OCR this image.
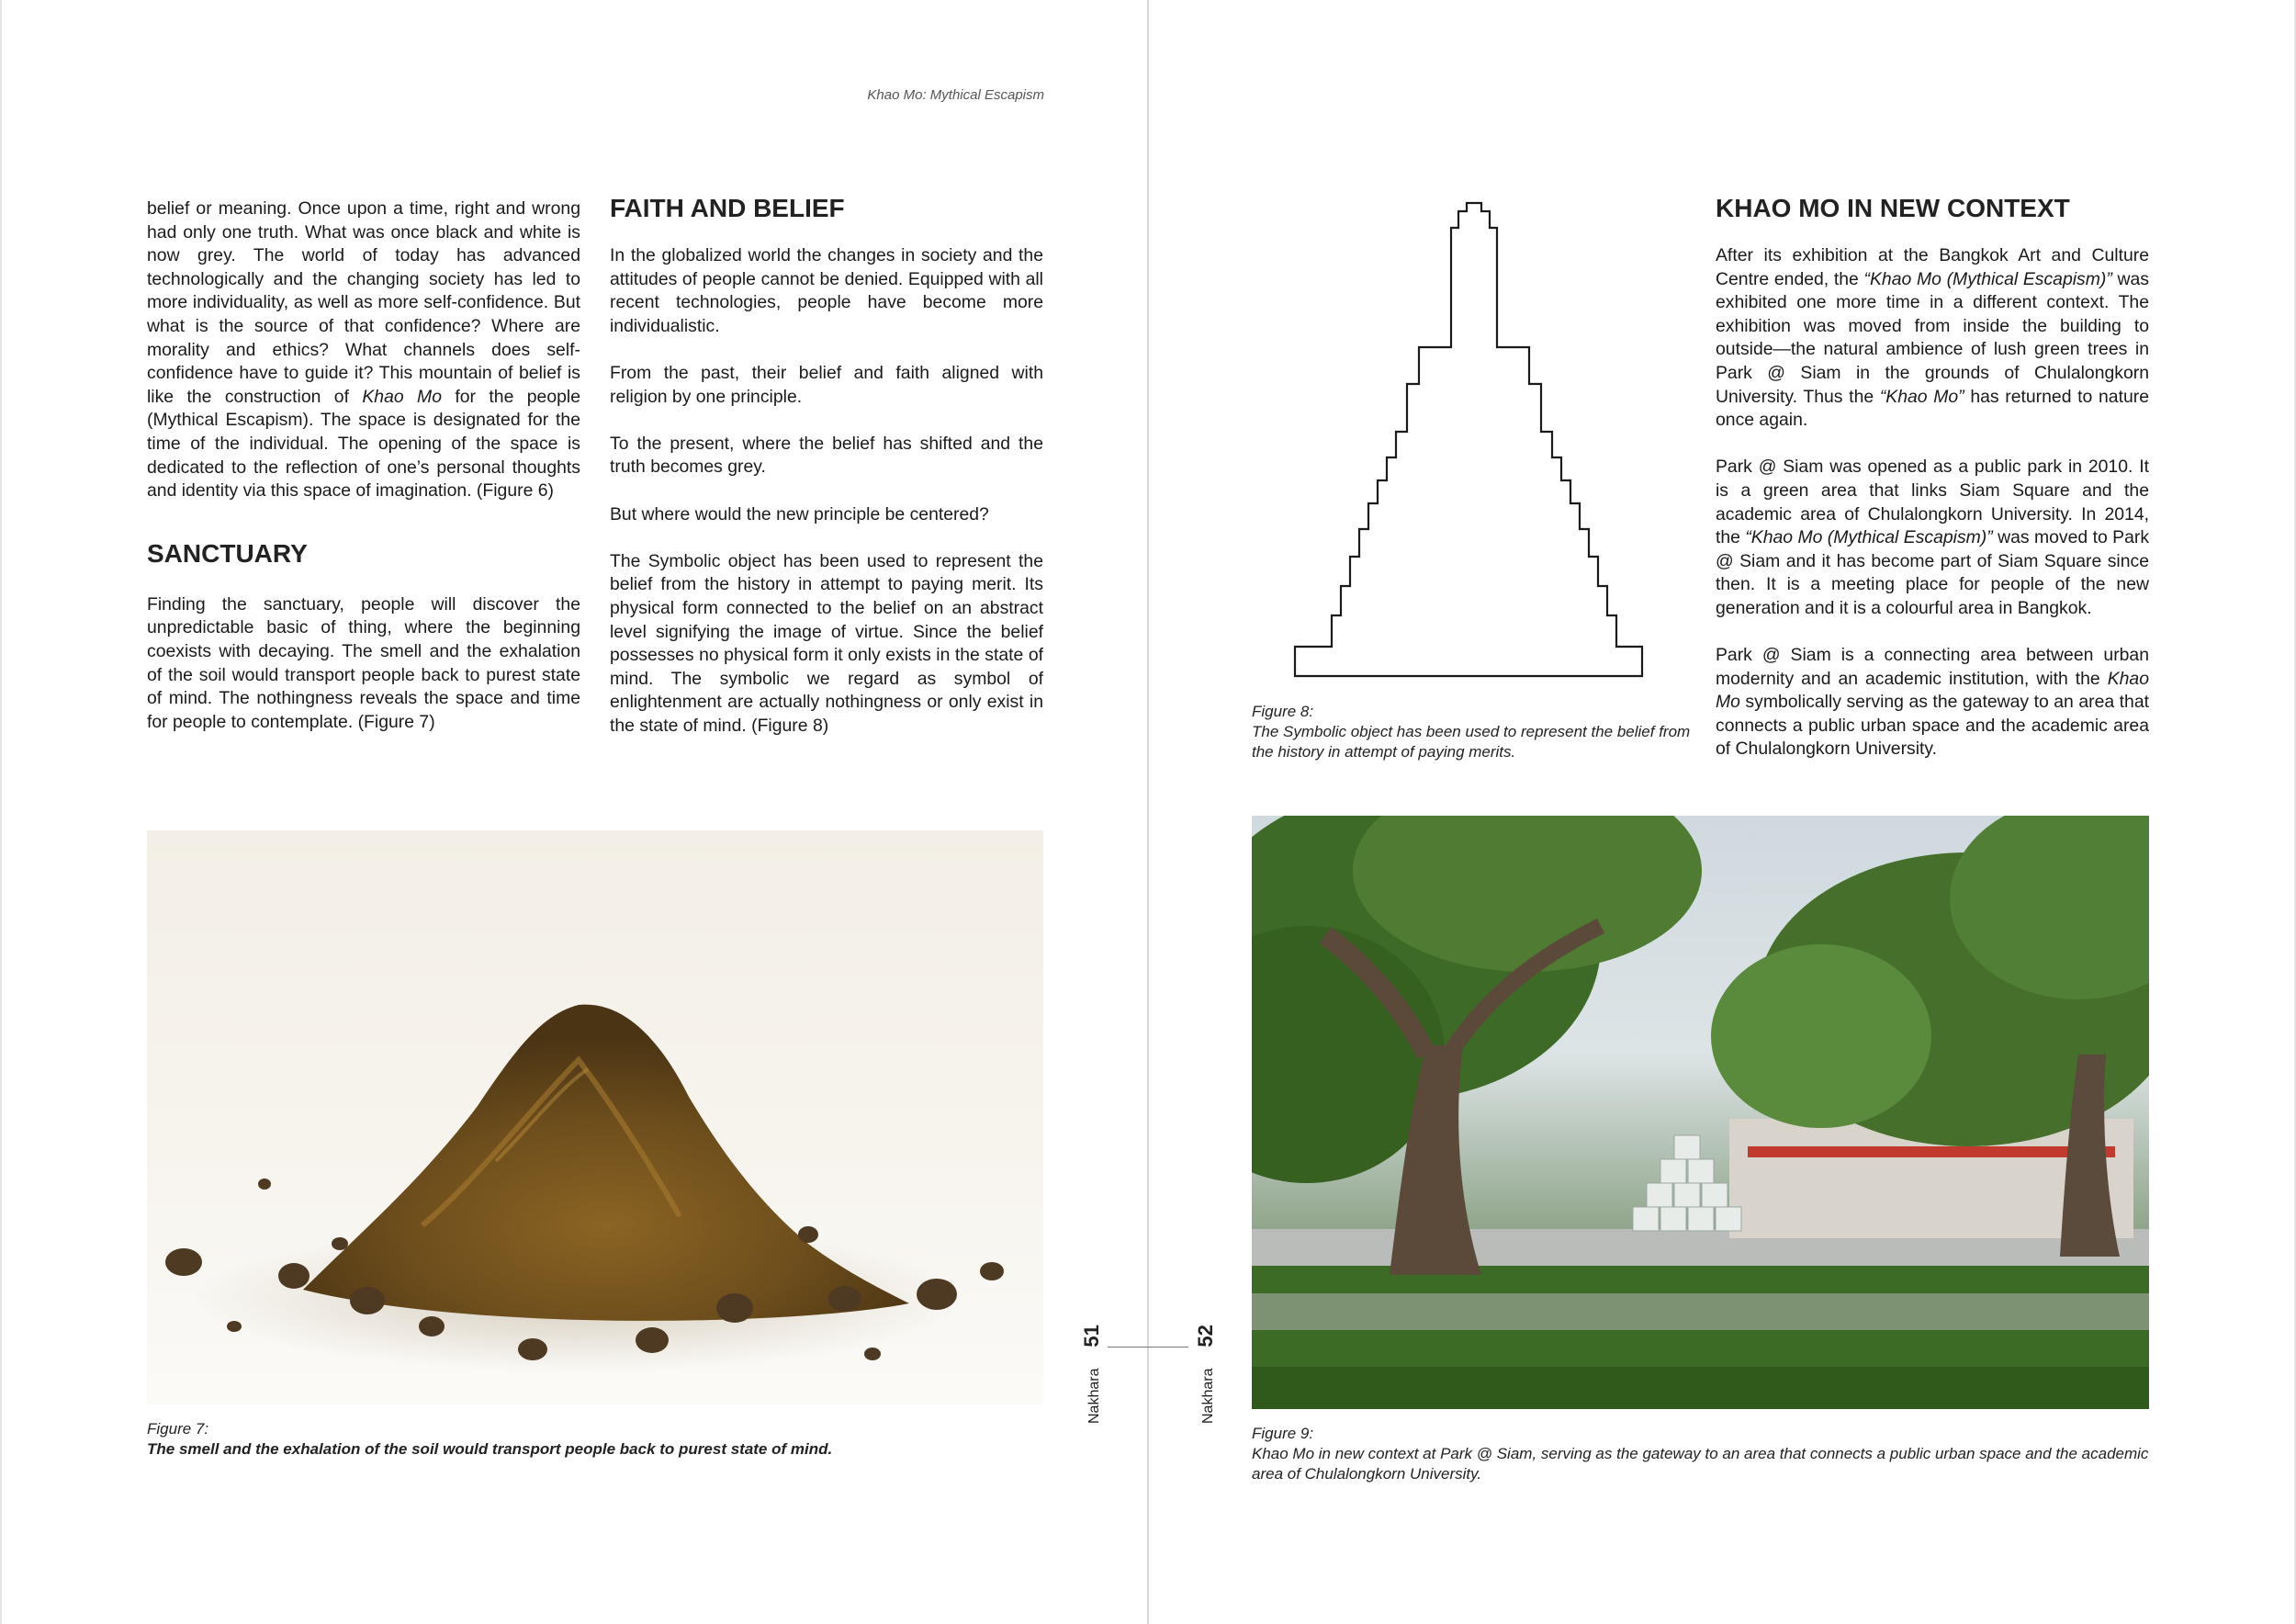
Khao Mo: Mythical Escapism

belief or meaning. Once upon a time, right and wrong had only one truth. What was once black and white is now grey. The world of today has advanced technologically and the changing society has led to more individuality, as well as more self-confidence. But what is the source of that confidence? Where are morality and ethics? What channels does self-confidence have to guide it? This mountain of belief is like the construction of Khao Mo for the people (Mythical Escapism). The space is designated for the time of the individual. The opening of the space is dedicated to the reflection of one’s personal thoughts and identity via this space of imagination. (Figure 6)

SANCTUARY

Finding the sanctuary, people will discover the unpredictable basic of thing, where the beginning coexists with decaying. The smell and the exhalation of the soil would transport people back to purest state of mind. The nothingness reveals the space and time for people to contemplate. (Figure 7)

FAITH AND BELIEF

In the globalized world the changes in society and the attitudes of people cannot be denied. Equipped with all recent technologies, people have become more individualistic.

From the past, their belief and faith aligned with religion by one principle.

To the present, where the belief has shifted and the truth becomes grey.

But where would the new principle be centered?

The Symbolic object has been used to represent the belief from the history in attempt to paying merit. Its physical form connected to the belief on an abstract level signifying the image of virtue. Since the belief possesses no physical form it only exists in the state of mind. The symbolic we regard as symbol of enlightenment are actually nothingness or only exist in the state of mind. (Figure 8)

Figure 7:
The smell and the exhalation of the soil would transport people back to purest state of mind.
Nakhara  51
Nakhara  52
Figure 8:
The Symbolic object has been used to represent the belief from the history in attempt of paying merits.
KHAO MO IN NEW CONTEXT

After its exhibition at the Bangkok Art and Culture Centre ended, the “Khao Mo (Mythical Escapism)” was exhibited one more time in a different context. The exhibition was moved from inside the building to outside—the natural ambience of lush green trees in Park @ Siam in the grounds of Chulalongkorn University. Thus the “Khao Mo” has returned to nature once again.

Park @ Siam was opened as a public park in 2010. It is a green area that links Siam Square and the academic area of Chulalongkorn University. In 2014, the “Khao Mo (Mythical Escapism)” was moved to Park @ Siam and it has become part of Siam Square since then. It is a meeting place for people of the new generation and it is a colourful area in Bangkok.

Park @ Siam is a connecting area between urban modernity and an academic institution, with the Khao Mo symbolically serving as the gateway to an area that connects a public urban space and the academic area of Chulalongkorn University.

Figure 9:
Khao Mo in new context at Park @ Siam, serving as the gateway to an area that connects a public urban space and the academic area of Chulalongkorn University.
